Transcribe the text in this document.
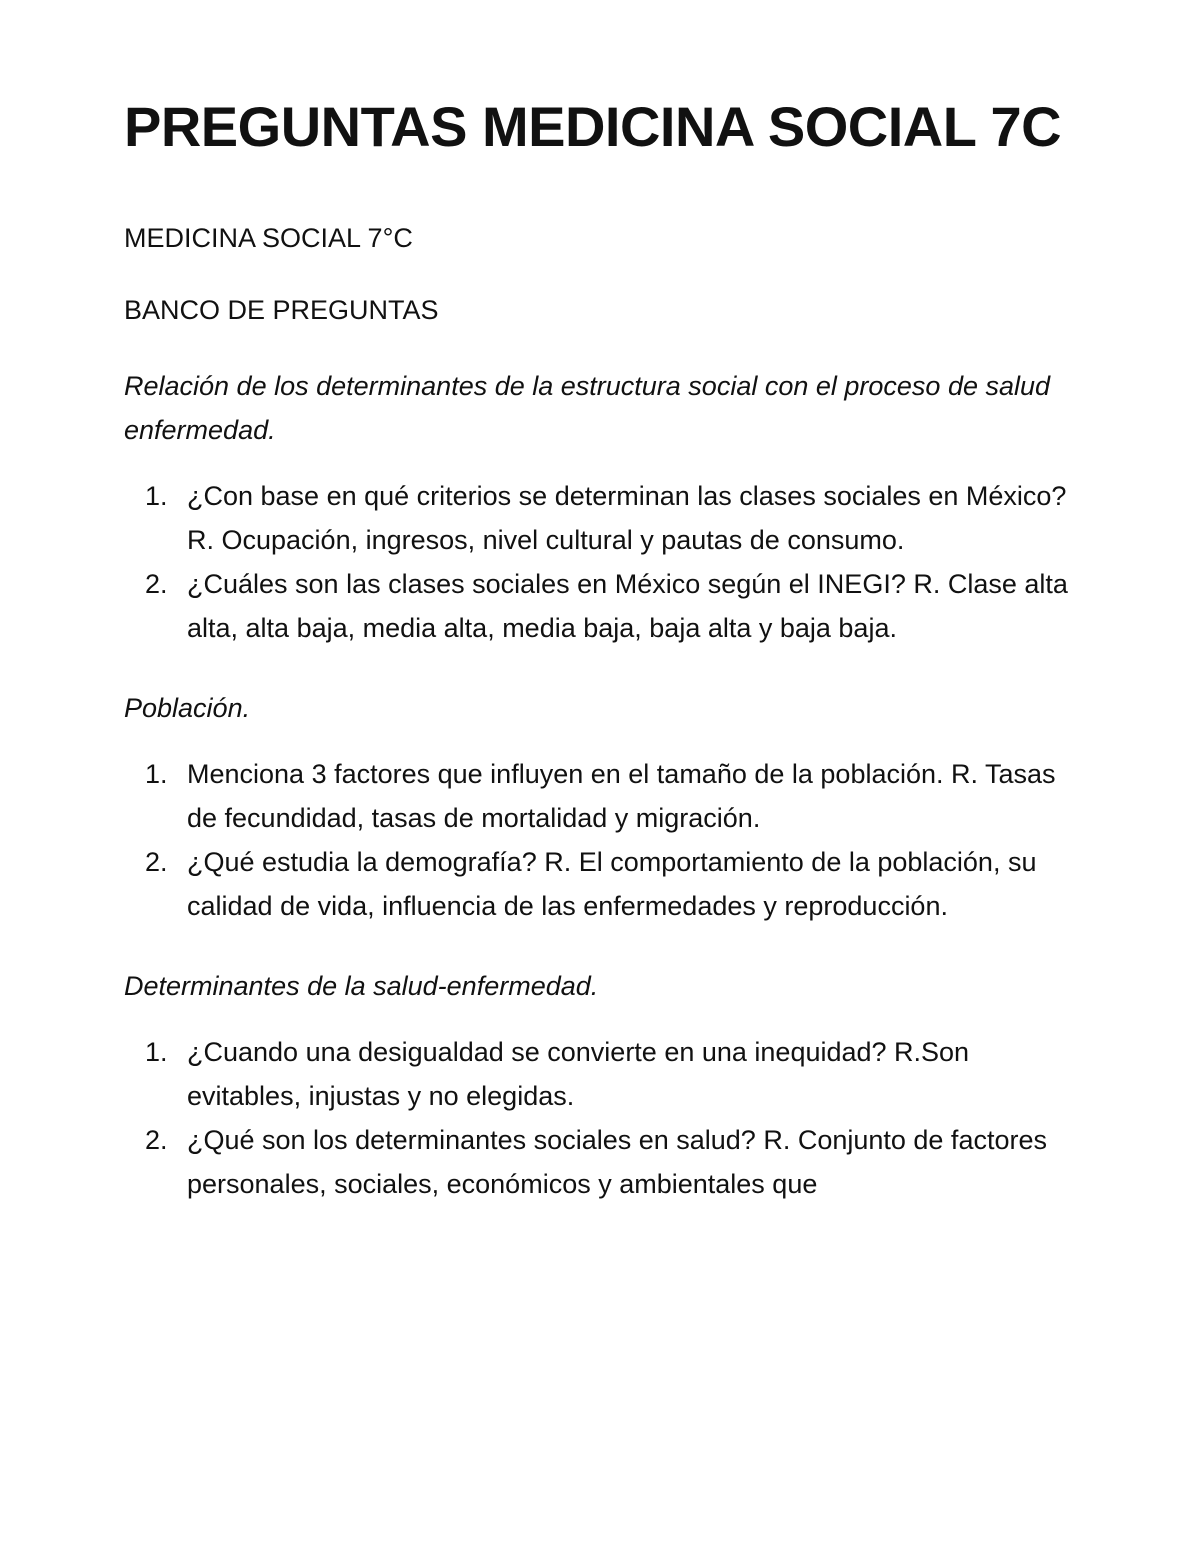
PREGUNTAS MEDICINA SOCIAL 7C

MEDICINA SOCIAL 7°C

BANCO DE PREGUNTAS

Relación de los determinantes de la estructura social con el proceso de salud enfermedad.

1. ¿Con base en qué criterios se determinan las clases sociales en México? R. Ocupación, ingresos, nivel cultural y pautas de consumo.
2. ¿Cuáles son las clases sociales en México según el INEGI? R. Clase alta alta, alta baja, media alta, media baja, baja alta y baja baja.

Población.

1. Menciona 3 factores que influyen en el tamaño de la población. R. Tasas de fecundidad, tasas de mortalidad y migración.
2. ¿Qué estudia la demografía? R. El comportamiento de la población, su calidad de vida, influencia de las enfermedades y reproducción.

Determinantes de la salud-enfermedad.

1. ¿Cuando una desigualdad se convierte en una inequidad? R.Son evitables, injustas y no elegidas.
2. ¿Qué son los determinantes sociales en salud? R. Conjunto de factores personales, sociales, económicos y ambientales que
